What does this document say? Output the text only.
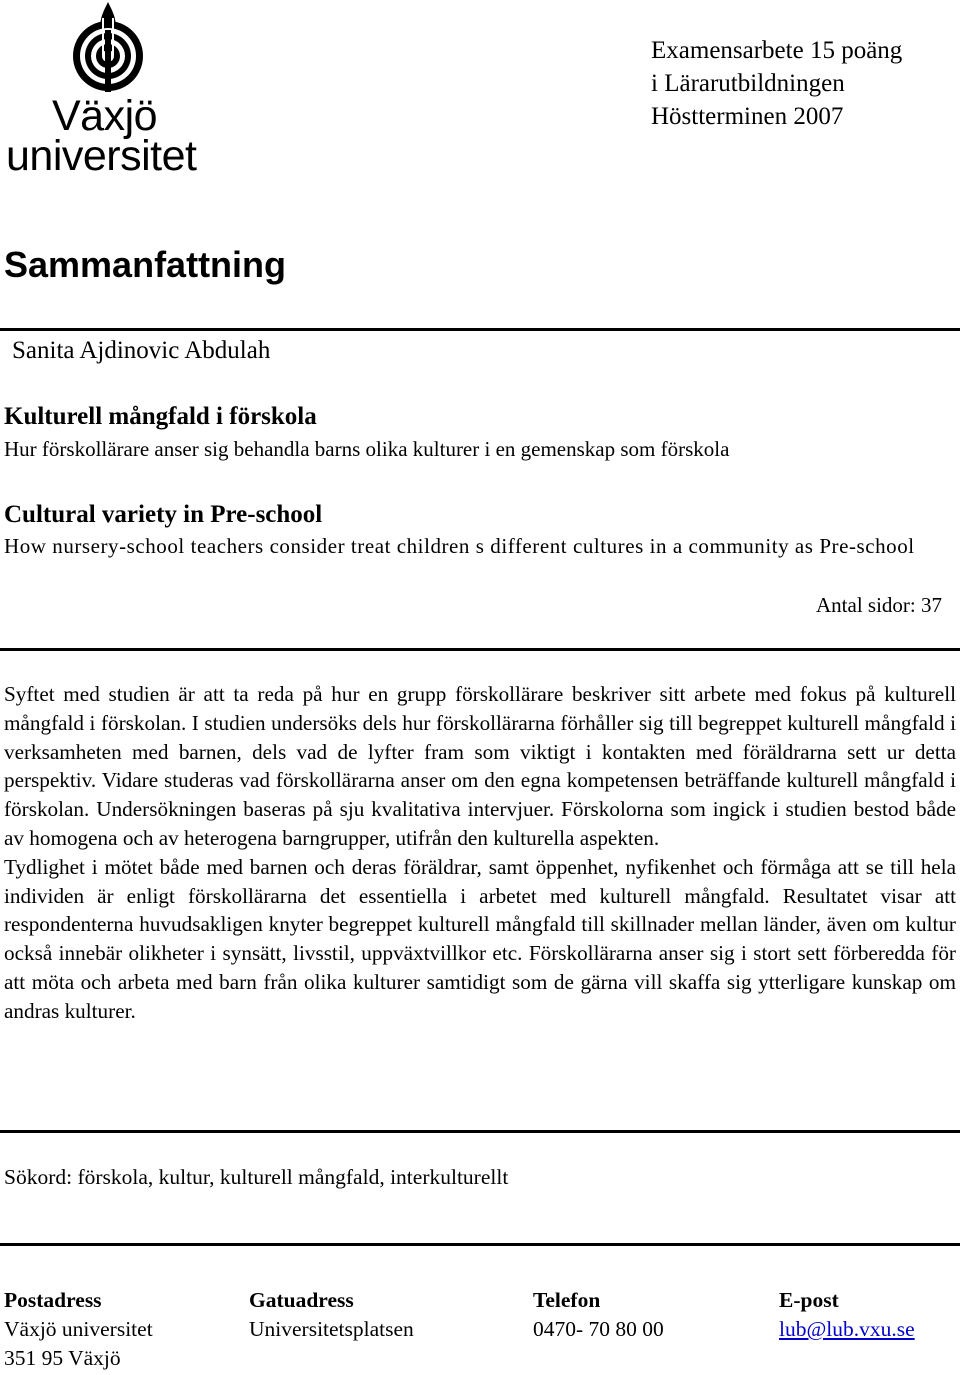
Växjö
universitet
Examensarbete 15 poäng
i Lärarutbildningen
Höstterminen 2007
Sammanfattning
Sanita Ajdinovic Abdulah
Kulturell mångfald i förskola
Hur förskollärare anser sig behandla barns olika kulturer i en gemenskap som förskola
Cultural variety in Pre-school
How nursery-school teachers consider treat children s different cultures in a community as Pre-school
Antal sidor: 37

Syftet med studien är att ta reda på hur en grupp förskollärare beskriver sitt arbete med fokus på kulturell mångfald i förskolan. I studien undersöks dels hur förskollärarna förhåller sig till begreppet kulturell mångfald i verksamheten med barnen, dels vad de lyfter fram som viktigt i kontakten med föräldrarna sett ur detta perspektiv. Vidare studeras vad förskollärarna anser om den egna kompetensen beträffande kulturell mångfald i förskolan. Undersökningen baseras på sju kvalitativa intervjuer. Förskolorna som ingick i studien bestod både av homogena och av heterogena barngrupper, utifrån den kulturella aspekten.

Tydlighet i mötet både med barnen och deras föräldrar, samt öppenhet, nyfikenhet och förmåga att se till hela individen är enligt förskollärarna det essentiella i arbetet med kulturell mångfald. Resultatet visar att respondenterna huvudsakligen knyter begreppet kulturell mångfald till skillnader mellan länder, även om kultur också innebär olikheter i synsätt, livsstil, uppväxtvillkor etc. Förskollärarna anser sig i stort sett förberedda för att möta och arbeta med barn från olika kulturer samtidigt som de gärna vill skaffa sig ytterligare kunskap om andras kulturer.

Sökord: förskola, kultur, kulturell mångfald, interkulturellt
Postadress
Växjö universitet
351 95 Växjö
Gatuadress
Universitetsplatsen
Telefon
0470- 70 80 00
E-post
lub@lub.vxu.se
